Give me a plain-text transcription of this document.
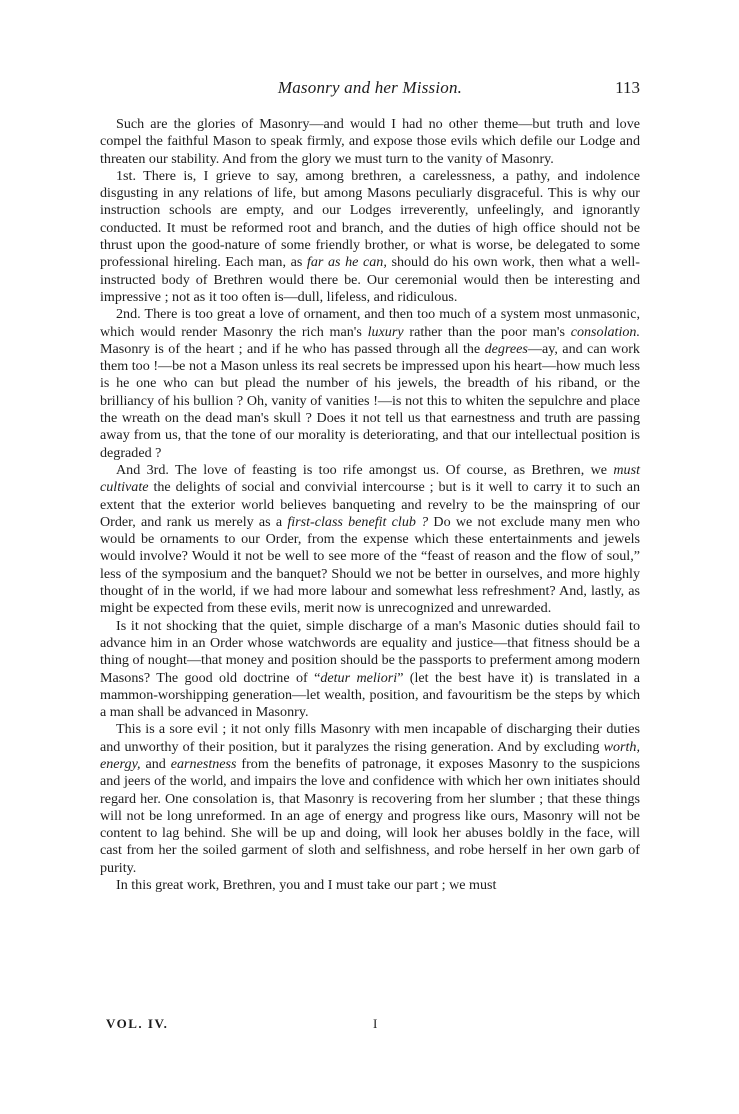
Masonry and her Mission.	113

Such are the glories of Masonry—and would I had no other theme—but truth and love compel the faithful Mason to speak firmly, and expose those evils which defile our Lodge and threaten our stability. And from the glory we must turn to the vanity of Masonry.

1st. There is, I grieve to say, among brethren, a carelessness, a pathy, and indolence disgusting in any relations of life, but among Masons peculiarly disgraceful. This is why our instruction schools are empty, and our Lodges irreverently, unfeelingly, and ignorantly conducted. It must be reformed root and branch, and the duties of high office should not be thrust upon the good-nature of some friendly brother, or what is worse, be delegated to some professional hireling. Each man, as far as he can, should do his own work, then what a well-instructed body of Brethren would there be. Our ceremonial would then be interesting and impressive ; not as it too often is—dull, lifeless, and ridiculous.

2nd. There is too great a love of ornament, and then too much of a system most unmasonic, which would render Masonry the rich man's luxury rather than the poor man's consolation. Masonry is of the heart ; and if he who has passed through all the degrees—ay, and can work them too !—be not a Mason unless its real secrets be impressed upon his heart—how much less is he one who can but plead the number of his jewels, the breadth of his riband, or the brilliancy of his bullion ? Oh, vanity of vanities !—is not this to whiten the sepulchre and place the wreath on the dead man's skull ? Does it not tell us that earnestness and truth are passing away from us, that the tone of our morality is deteriorating, and that our intellectual position is degraded ?

And 3rd. The love of feasting is too rife amongst us. Of course, as Brethren, we must cultivate the delights of social and convivial intercourse ; but is it well to carry it to such an extent that the exterior world believes banqueting and revelry to be the mainspring of our Order, and rank us merely as a first-class benefit club ? Do we not exclude many men who would be ornaments to our Order, from the expense which these entertainments and jewels would involve? Would it not be well to see more of the “feast of reason and the flow of soul,” less of the symposium and the banquet? Should we not be better in ourselves, and more highly thought of in the world, if we had more labour and somewhat less refreshment? And, lastly, as might be expected from these evils, merit now is unrecognized and unrewarded.

Is it not shocking that the quiet, simple discharge of a man's Masonic duties should fail to advance him in an Order whose watchwords are equality and justice—that fitness should be a thing of nought—that money and position should be the passports to preferment among modern Masons? The good old doctrine of “detur meliori” (let the best have it) is translated in a mammon-worshipping generation—let wealth, position, and favouritism be the steps by which a man shall be advanced in Masonry.

This is a sore evil ; it not only fills Masonry with men incapable of discharging their duties and unworthy of their position, but it paralyzes the rising generation. And by excluding worth, energy, and earnestness from the benefits of patronage, it exposes Masonry to the suspicions and jeers of the world, and impairs the love and confidence with which her own initiates should regard her. One consolation is, that Masonry is recovering from her slumber ; that these things will not be long unreformed. In an age of energy and progress like ours, Masonry will not be content to lag behind. She will be up and doing, will look her abuses boldly in the face, will cast from her the soiled garment of sloth and selfishness, and robe herself in her own garb of purity.

In this great work, Brethren, you and I must take our part ; we must

VOL. IV.	I
